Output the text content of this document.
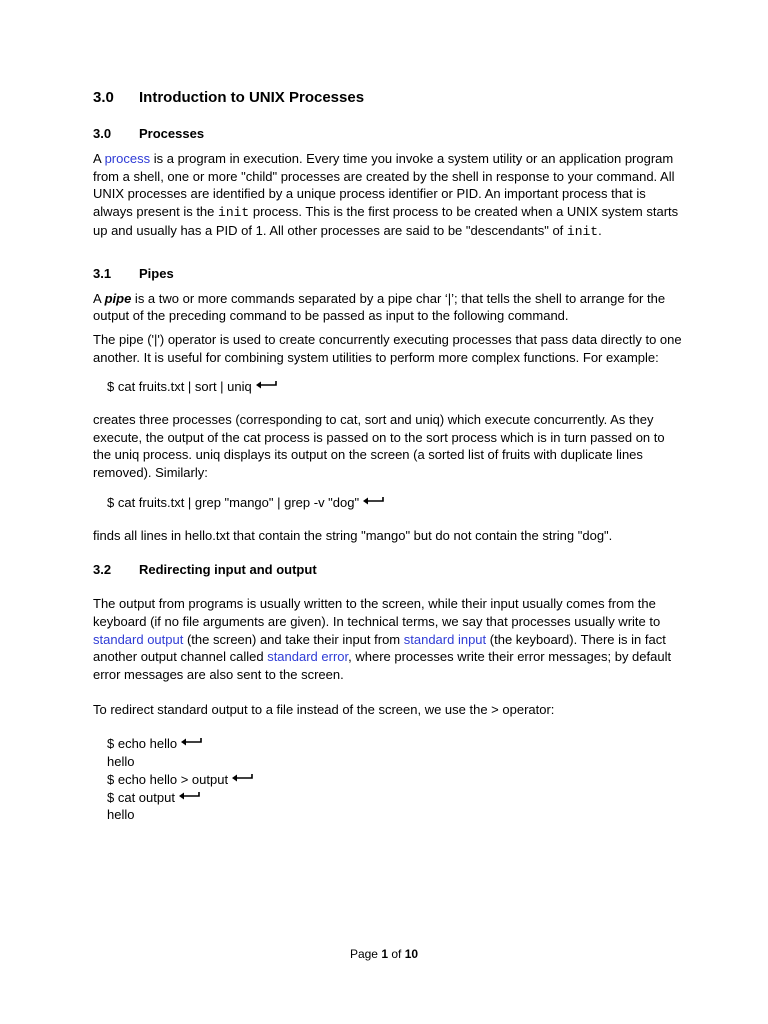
3.0 Introduction to UNIX Processes
3.0 Processes

A process is a program in execution. Every time you invoke a system utility or an application program from a shell, one or more "child" processes are created by the shell in response to your command. All UNIX processes are identified by a unique process identifier or PID. An important process that is always present is the init process. This is the first process to be created when a UNIX system starts up and usually has a PID of 1. All other processes are said to be "descendants" of init.

3.1 Pipes

A pipe is a two or more commands separated by a pipe char ‘|’; that tells the shell to arrange for the output of the preceding command to be passed as input to the following command.

The pipe ('|') operator is used to create concurrently executing processes that pass data directly to one another. It is useful for combining system utilities to perform more complex functions. For example:

$ cat fruits.txt | sort | uniq

creates three processes (corresponding to cat, sort and uniq) which execute concurrently. As they execute, the output of the cat process is passed on to the sort process which is in turn passed on to the uniq process. uniq displays its output on the screen (a sorted list of fruits with duplicate lines removed). Similarly:

$ cat fruits.txt | grep "mango" | grep -v "dog"

finds all lines in hello.txt that contain the string "mango" but do not contain the string "dog".

3.2 Redirecting input and output

The output from programs is usually written to the screen, while their input usually comes from the keyboard (if no file arguments are given). In technical terms, we say that processes usually write to standard output (the screen) and take their input from standard input (the keyboard). There is in fact another output channel called standard error, where processes write their error messages; by default error messages are also sent to the screen.

To redirect standard output to a file instead of the screen, we use the > operator:

$ echo hello
hello
$ echo hello > output
$ cat output
hello
Page 1 of 10
